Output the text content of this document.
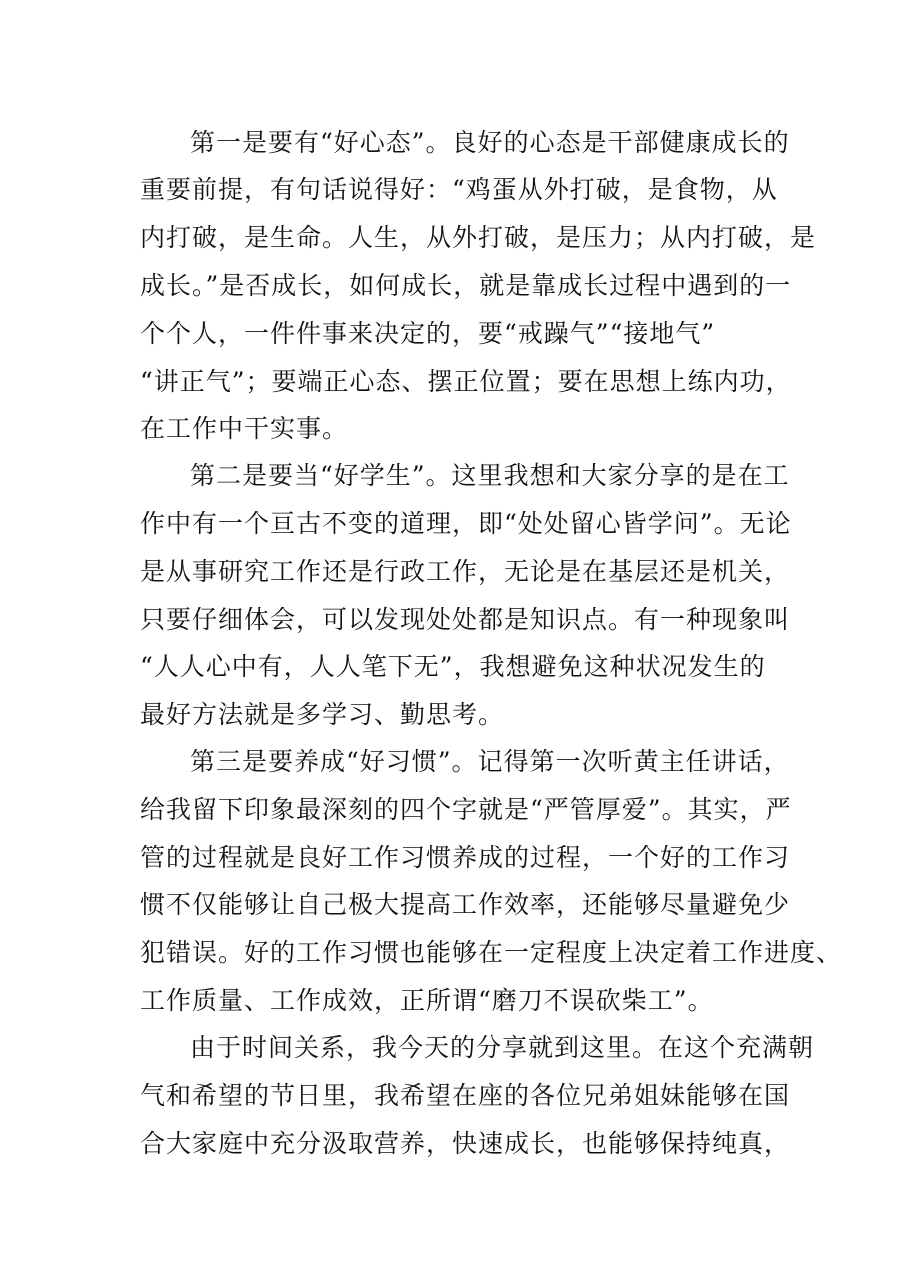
第一是要有“好心态”。良好的心态是干部健康成长的
重要前提，有句话说得好：“鸡蛋从外打破，是食物，从
内打破，是生命。人生，从外打破，是压力；从内打破，是
成长。”是否成长，如何成长，就是靠成长过程中遇到的一
个个人，一件件事来决定的，要“戒躁气”“接地气”
“讲正气”；要端正心态、摆正位置；要在思想上练内功，
在工作中干实事。
第二是要当“好学生”。这里我想和大家分享的是在工
作中有一个亘古不变的道理，即“处处留心皆学问”。无论
是从事研究工作还是行政工作，无论是在基层还是机关，
只要仔细体会，可以发现处处都是知识点。有一种现象叫
“人人心中有，人人笔下无”，我想避免这种状况发生的
最好方法就是多学习、勤思考。
第三是要养成“好习惯”。记得第一次听黄主任讲话，
给我留下印象最深刻的四个字就是“严管厚爱”。其实，严
管的过程就是良好工作习惯养成的过程，一个好的工作习
惯不仅能够让自己极大提高工作效率，还能够尽量避免少
犯错误。好的工作习惯也能够在一定程度上决定着工作进度、
工作质量、工作成效，正所谓“磨刀不误砍柴工”。
由于时间关系，我今天的分享就到这里。在这个充满朝
气和希望的节日里，我希望在座的各位兄弟姐妹能够在国
合大家庭中充分汲取营养，快速成长，也能够保持纯真，
